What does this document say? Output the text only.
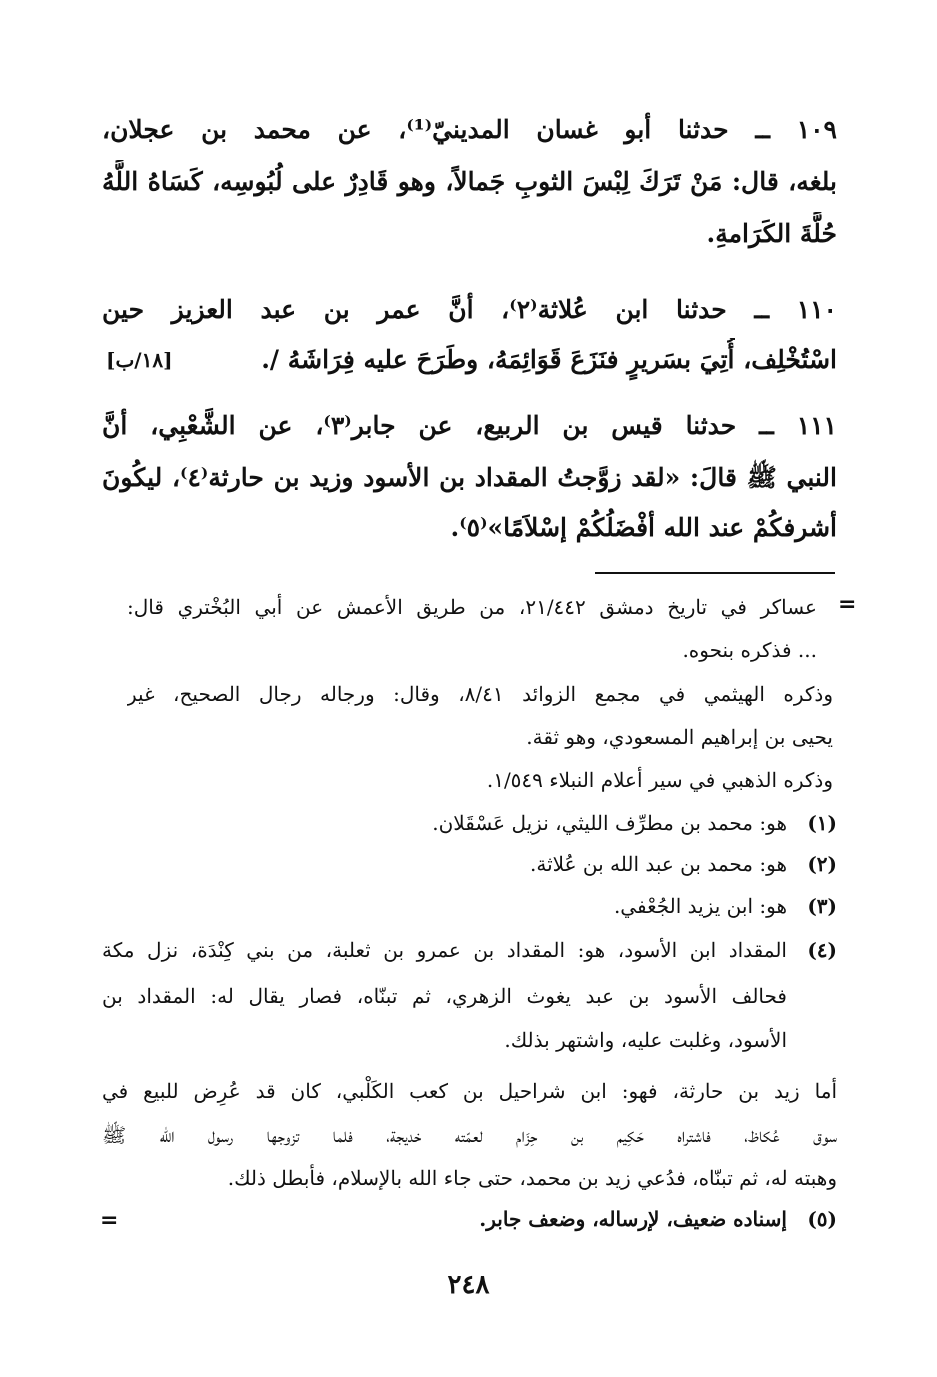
١٠٩ ــ حدثنا أبو غسان المدينيّ⁽¹⁾، عن محمد بن عجلان،
بلغه، قال: مَنْ تَرَكَ لِبْسَ الثوبِ جَمالاً، وهو قَادِرٌ على لُبُوسِه، كَسَاهُ اللَّهُ
حُلَّةَ الكَرَامةِ.
١١٠ ــ حدثنا ابن عُلاثة⁽٢⁾، أنَّ عمر بن عبد العزيز حين
اسْتُخْلِف، أُتِيَ بسَريرٍ فنَزَعَ قَوَائِمَهُ، وطَرَحَ عليه فِرَاشَهُ /.
[١٨/ب]
١١١ ــ حدثنا قيس بن الربيع، عن جابر⁽٣⁾، عن الشَّعْبِي، أنَّ
النبي ﷺ قالَ: «لقد زوَّجتُ المقداد بن الأسود وزيد بن حارثة⁽٤⁾، ليكُونَ
أشرفكُمْ عند الله أفْضَلُكُمْ إسْلاَمًا»⁽٥⁾.
=
عساكر في تاريخ دمشق ٢١/٤٤٢، من طريق الأعمش عن أبي البُخْتري قال:
... فذكره بنحوه.
وذكره الهيثمي في مجمع الزوائد ٨/٤١، وقال: ورجاله رجال الصحيح، غير
يحيى بن إبراهيم المسعودي، وهو ثقة.
وذكره الذهبي في سير أعلام النبلاء ١/٥٤٩.
(١)
هو: محمد بن مطرِّف الليثي، نزيل عَسْقَلان.
(٢)
هو: محمد بن عبد الله بن عُلاثة.
(٣)
هو: ابن يزيد الجُعْفي.
(٤)
المقداد ابن الأسود، هو: المقداد بن عمرو بن ثعلبة، من بني كِنْدَة، نزل مكة
فحالف الأسود بن عبد يغوث الزهري، ثم تبنّاه، فصار يقال له: المقداد بن
الأسود، وغلبت عليه، واشتهر بذلك.
أما زيد بن حارثة، فهو: ابن شراحيل بن كعب الكَلْبي، كان قد عُرِض للبيع في
سوق عُكاظ، فاشتراه حَكِيم بن حِزَام لعمّته خديجة، فلما تزوجها رسول الله ﷺ
وهبته له، ثم تبنّاه، فدُعي زيد بن محمد، حتى جاء الله بالإسلام، فأبطل ذلك.
(٥)
إسناده ضعيف، لإرساله، وضعف جابر.
=
٢٤٨
